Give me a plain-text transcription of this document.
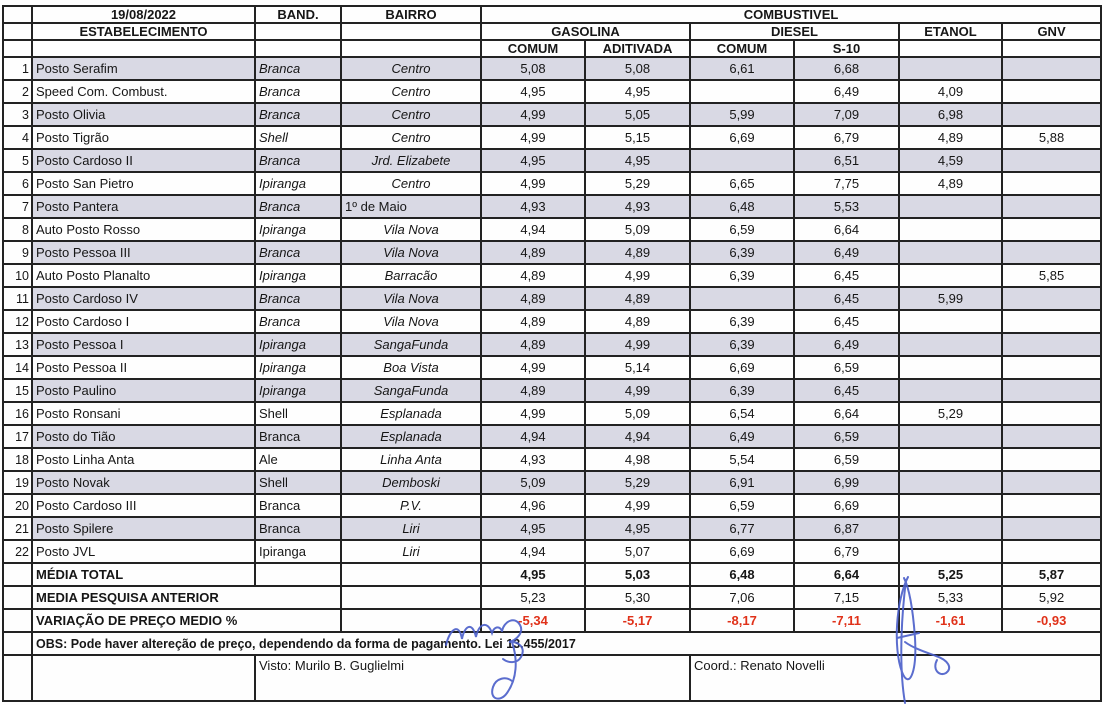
	19/08/2022	BAND.	BAIRRO	COMBUSTIVEL					
	ESTABELECIMENTO			GASOLINA		DIESEL		ETANOL	GNV
				COMUM	ADITIVADA	COMUM	S-10		
1	Posto Serafim	Branca	Centro	5,08	5,08	6,61	6,68		
2	Speed Com. Combust.	Branca	Centro	4,95	4,95		6,49	4,09	
3	Posto Olivia	Branca	Centro	4,99	5,05	5,99	7,09	6,98	
4	Posto Tigrão	Shell	Centro	4,99	5,15	6,69	6,79	4,89	5,88
5	Posto Cardoso II	Branca	Jrd. Elizabete	4,95	4,95		6,51	4,59	
6	Posto San Pietro	Ipiranga	Centro	4,99	5,29	6,65	7,75	4,89	
7	Posto Pantera	Branca	1º de Maio	4,93	4,93	6,48	5,53		
8	Auto Posto Rosso	Ipiranga	Vila Nova	4,94	5,09	6,59	6,64		
9	Posto Pessoa III	Branca	Vila Nova	4,89	4,89	6,39	6,49		
10	Auto Posto Planalto	Ipiranga	Barracão	4,89	4,99	6,39	6,45		5,85
11	Posto Cardoso IV	Branca	Vila Nova	4,89	4,89		6,45	5,99	
12	Posto Cardoso I	Branca	Vila Nova	4,89	4,89	6,39	6,45		
13	Posto Pessoa I	Ipiranga	SangaFunda	4,89	4,99	6,39	6,49		
14	Posto Pessoa II	Ipiranga	Boa Vista	4,99	5,14	6,69	6,59		
15	Posto Paulino	Ipiranga	SangaFunda	4,89	4,99	6,39	6,45		
16	Posto Ronsani	Shell	Esplanada	4,99	5,09	6,54	6,64	5,29	
17	Posto do Tião	Branca	Esplanada	4,94	4,94	6,49	6,59		
18	Posto Linha Anta	Ale	Linha Anta	4,93	4,98	5,54	6,59		
19	Posto Novak	Shell	Demboski	5,09	5,29	6,91	6,99		
20	Posto Cardoso III	Branca	P.V.	4,96	4,99	6,59	6,69		
21	Posto Spilere	Branca	Liri	4,95	4,95	6,77	6,87		
22	Posto JVL	Ipiranga	Liri	4,94	5,07	6,69	6,79		
	MÉDIA TOTAL			4,95	5,03	6,48	6,64	5,25	5,87
	MEDIA PESQUISA ANTERIOR			5,23	5,30	7,06	7,15	5,33	5,92
	VARIAÇÃO DE PREÇO MEDIO %			-5,34	-5,17	-8,17	-7,11	-1,61	-0,93
	OBS: Pode haver altereção de preço, dependendo da forma de pagamento. Lei 13.455/2017								
		Visto: Murilo B. Guglielmi				Coord.: Renato Novelli			
